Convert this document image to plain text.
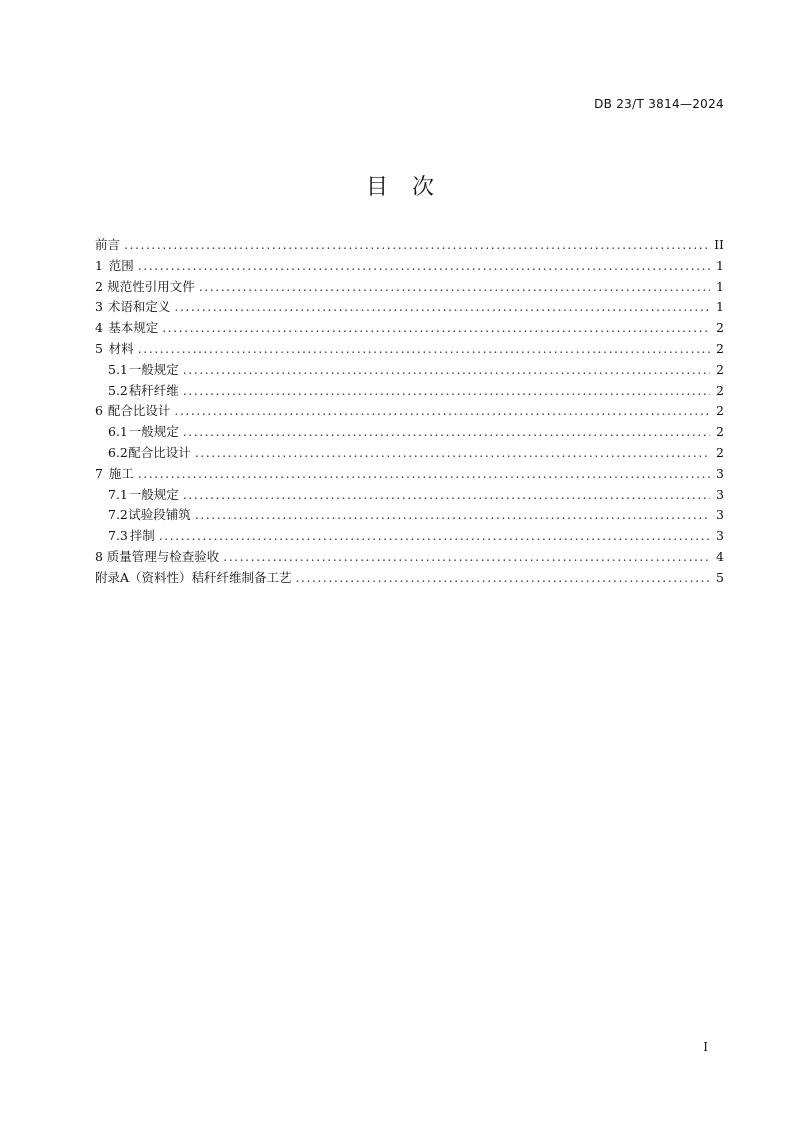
DB 23/T 3814—2024
目次
前言 .....	II
1 范围 .....	1
2 规范性引用文件 .....	1
3 术语和定义 .....	1
4 基本规定 .....	2
5 材料 .....	2
5.1 一般规定 .....	2
5.2 秸秆纤维 .....	2
6 配合比设计 .....	2
6.1 一般规定 .....	2
6.2 配合比设计 .....	2
7 施工 .....	3
7.1 一般规定 .....	3
7.2 试验段铺筑 .....	3
7.3 拌制 .....	3
8 质量管理与检查验收 .....	4
附录A（资料性）秸秆纤维制备工艺 .....	5
I
